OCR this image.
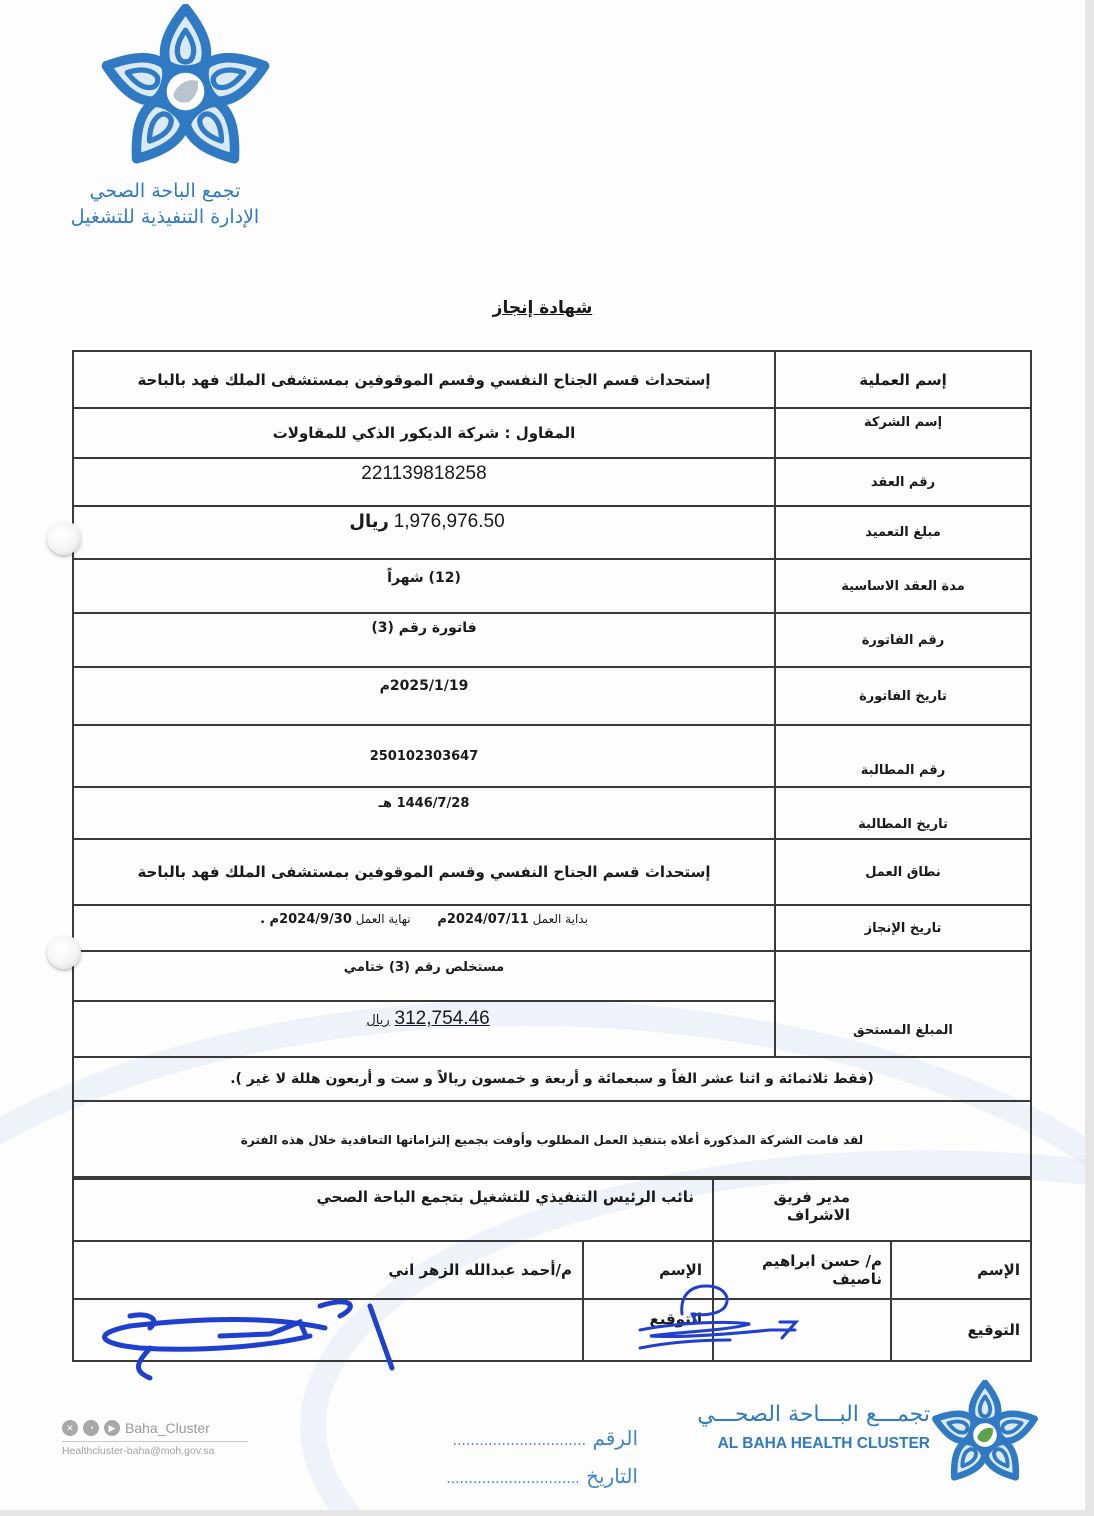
تجمع الباحة الصحي
الإدارة التنفيذية للتشغيل
شهادة إنجاز
إسم العملية	إستحداث قسم الجناح النفسي وقسم الموقوفين بمستشفى الملك فهد بالباحة
إسم الشركة	المقاول : شركة الديكور الذكي للمقاولات
رقم العقد	221139818258
مبلغ التعميد	1,976,976.50 ريال
مدة العقد الاساسية	(12) شهراً
رقم الفاتورة	فاتورة رقم (3)
تاريخ الفاتورة	2025/1/19م
رقم المطالبة	250102303647
تاريخ المطالبة	1446/7/28 هـ
نطاق العمل	إستحداث قسم الجناح النفسي وقسم الموقوفين بمستشفى الملك فهد بالباحة
تاريخ الإنجاز	بداية العمل 2024/07/11م       نهاية العمل 2024/9/30م .
المبلغ المستحق	مستخلص رقم (3) ختامي
	312,754.46 ريال
(فقط ثلاثمائة و اثنا عشر الفاً و سبعمائة و أربعة و خمسون ريالاً و ست و أربعون هللة لا غير ).	
لقد قامت الشركة المذكورة أعلاه بتنفيذ العمل المطلوب وأوفت بجميع إلتزاماتها التعاقدية خلال هذه الفترة	
مدير فريق الاشراف		نائب الرئيس التنفيذي للتشغيل بتجمع الباحة الصحي	
الإسم	م/ حسن ابراهيم ناصيف	الإسم	م/أحمد عبدالله الزهر اني
التوقيع		التوقيع	
✕	◔	▶ Baha_Cluster
Healthcluster-baha@moh.gov.sa
الرقم ..............................
التاريخ ..............................
تجمـــع البـــاحة الصحـــي
AL BAHA HEALTH CLUSTER
